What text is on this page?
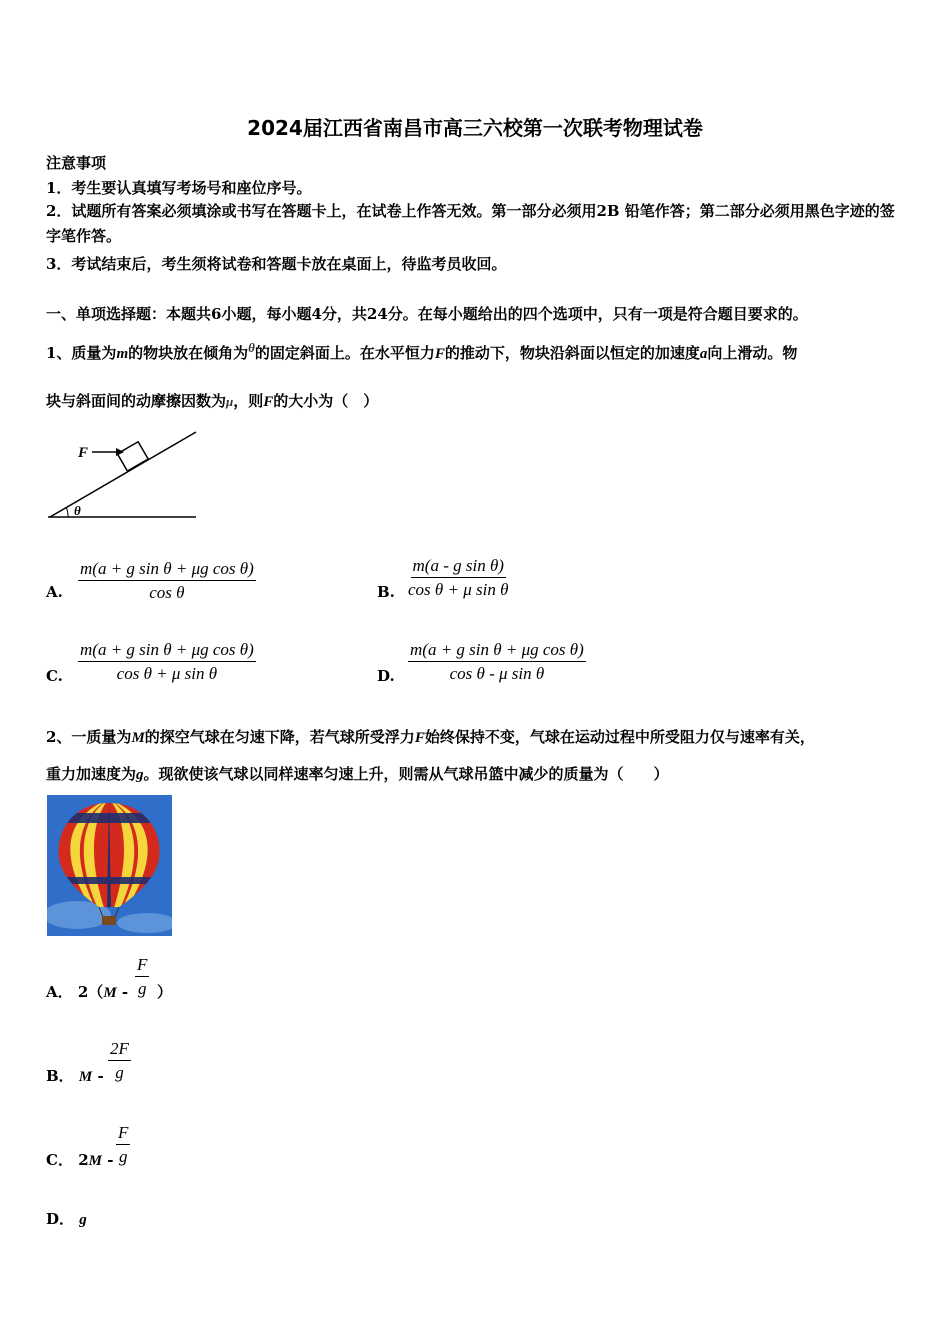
2024届江西省南昌市高三六校第一次联考物理试卷
注意事项
1．考生要认真填写考场号和座位序号。
2．试题所有答案必须填涂或书写在答题卡上，在试卷上作答无效。第一部分必须用2B 铅笔作答；第二部分必须用黑色字迹的签字笔作答。
3．考试结束后，考生须将试卷和答题卡放在桌面上，待监考员收回。
一、单项选择题：本题共6小题，每小题4分，共24分。在每小题给出的四个选项中，只有一项是符合题目要求的。
1、质量为m的物块放在倾角为$^\theta$的固定斜面上。在水平恒力F的推动下，物块沿斜面以恒定的加速度a向上滑动。物
块与斜面间的动摩擦因数为μ，则F的大小为（　）
F
θ
A. $\frac{\text{m(a + g sin θ + μg cos θ)}}{\text{cos θ}}$	B. $\frac{\text{m(a - g sin θ)}}{\text{cos θ + μ sin θ}}$
C. $\frac{\text{m(a + g sin θ + μg cos θ)}}{\text{cos θ + μ sin θ}}$	D. $\frac{\text{m(a + g sin θ + μg cos θ)}}{\text{cos θ - μ sin θ}}$
2、一质量为M的探空气球在匀速下降，若气球所受浮力F始终保持不变，气球在运动过程中所受阻力仅与速率有关，
重力加速度为g。现欲使该气球以同样速率匀速上升，则需从气球吊篮中减少的质量为（　　）
A． $2(M - \frac{F}{g}$ ）
B． M - $\frac{2F}{g}$
C． $2M - \frac{F}{g}$
D． g
